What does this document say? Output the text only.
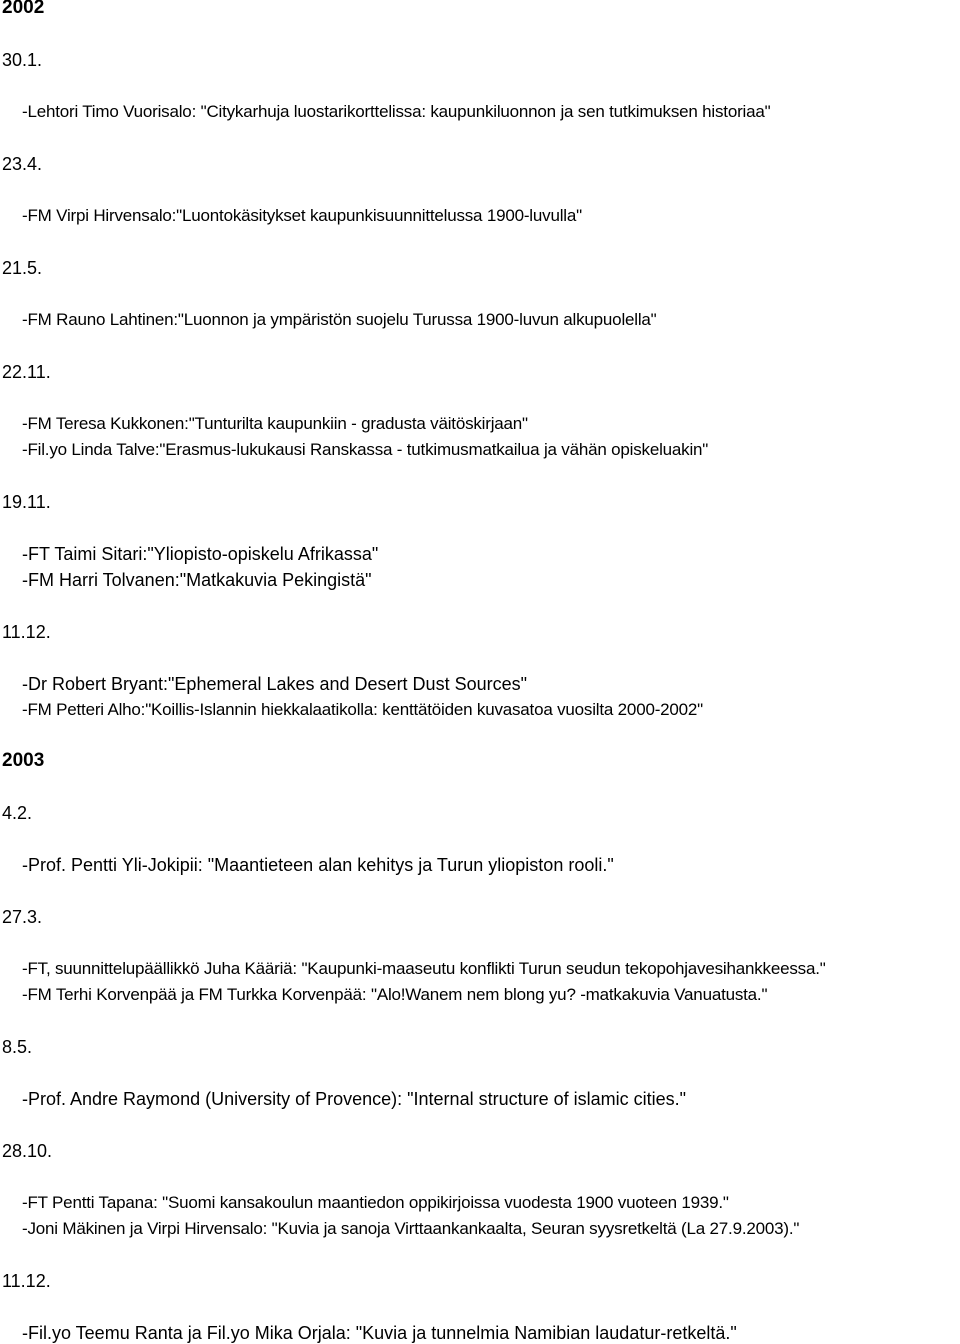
2002
30.1.
-Lehtori Timo Vuorisalo: "Citykarhuja luostarikorttelissa: kaupunkiluonnon ja sen tutkimuksen historiaa"
23.4.
-FM Virpi Hirvensalo:"Luontokäsitykset kaupunkisuunnittelussa 1900-luvulla"
21.5.
-FM Rauno Lahtinen:"Luonnon ja ympäristön suojelu Turussa 1900-luvun alkupuolella"
22.11.
-FM Teresa Kukkonen:"Tunturilta kaupunkiin - gradusta väitöskirjaan"
-Fil.yo Linda Talve:"Erasmus-lukukausi Ranskassa - tutkimusmatkailua ja vähän opiskeluakin"
19.11.
-FT Taimi Sitari:"Yliopisto-opiskelu Afrikassa"
-FM Harri Tolvanen:"Matkakuvia Pekingistä"
11.12.
-Dr Robert Bryant:"Ephemeral Lakes and Desert Dust Sources"
-FM Petteri Alho:"Koillis-Islannin hiekkalaatikolla: kenttätöiden kuvasatoa vuosilta 2000-2002"
2003
4.2.
-Prof. Pentti Yli-Jokipii: "Maantieteen alan kehitys ja Turun yliopiston rooli."
27.3.
-FT, suunnittelupäällikkö Juha Kääriä: "Kaupunki-maaseutu konflikti Turun seudun tekopohjavesihankkeessa."
-FM Terhi Korvenpää ja FM Turkka Korvenpää: "Alo!Wanem nem blong yu? -matkakuvia Vanuatusta."
8.5.
-Prof. Andre Raymond (University of Provence): "Internal structure of islamic cities."
28.10.
-FT Pentti Tapana: "Suomi kansakoulun maantiedon oppikirjoissa vuodesta 1900 vuoteen 1939."
-Joni Mäkinen ja Virpi Hirvensalo: "Kuvia ja sanoja Virttaankankaalta, Seuran syysretkeltä (La 27.9.2003)."
11.12.
-Fil.yo Teemu Ranta ja Fil.yo Mika Orjala: "Kuvia ja tunnelmia Namibian laudatur-retkeltä."
